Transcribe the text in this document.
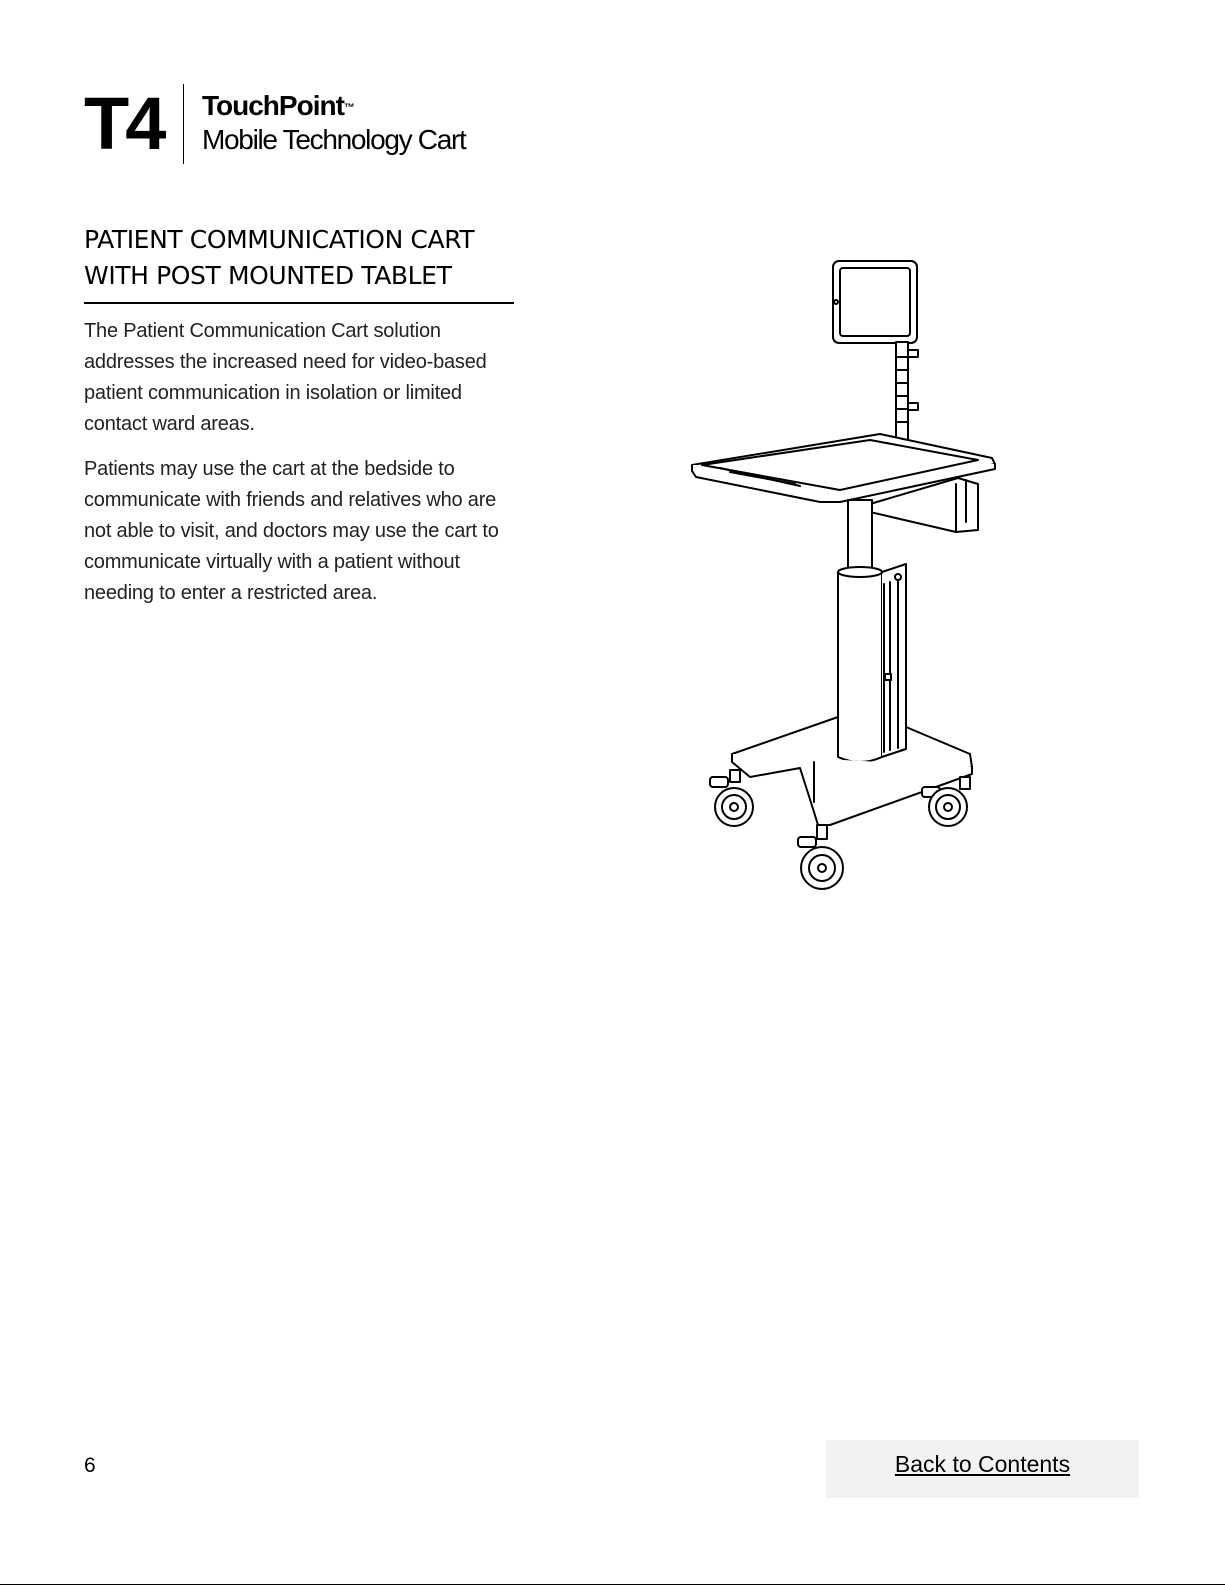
T4 TouchPoint™
Mobile Technology Cart
PATIENT COMMUNICATION CART
WITH POST MOUNTED TABLET

The Patient Communication Cart solution addresses the increased need for video-based patient communication in isolation or limited contact ward areas.

Patients may use the cart at the bedside to communicate with friends and relatives who are not able to visit, and doctors may use the cart to communicate virtually with a patient without needing to enter a restricted area.

6	Back to Contents
